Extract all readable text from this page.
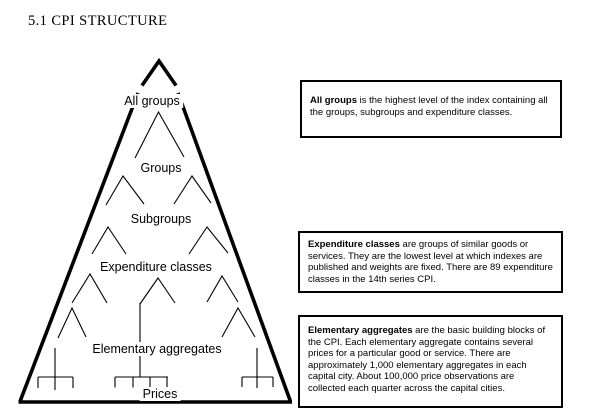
5.1 CPI STRUCTURE
All groups
Groups
Subgroups
Expenditure classes
Elementary aggregates
Prices

All groups is the highest level of the index containing all the groups, subgroups and expenditure classes.

Expenditure classes are groups of similar goods or services. They are the lowest level at which indexes are published and weights are fixed. There are 89 expenditure classes in the 14th series CPI.

Elementary aggregates are the basic building blocks of the CPI. Each elementary aggregate contains several prices for a particular good or service. There are approximately 1,000 elementary aggregates in each capital city. About 100,000 price observations are collected each quarter across the capital cities.
